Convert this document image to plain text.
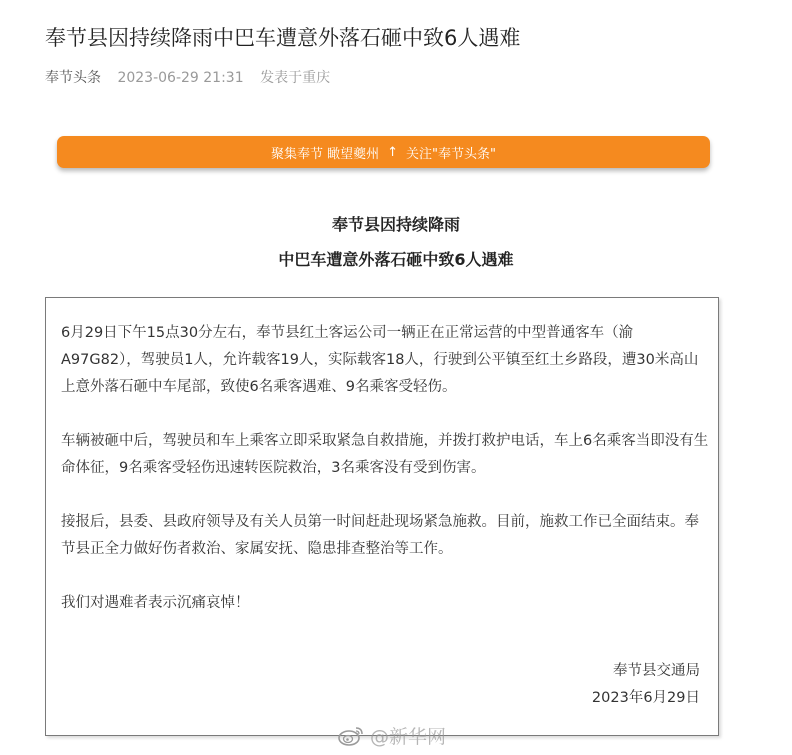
奉节县因持续降雨中巴车遭意外落石砸中致6人遇难
奉节头条 2023-06-29 21:31 发表于重庆
聚集奉节 瞰望夔州 ↑ 关注"奉节头条"
奉节县因持续降雨
中巴车遭意外落石砸中致6人遇难

6月29日下午15点30分左右，奉节县红土客运公司一辆正在正常运营的中型普通客车（渝 A97G82），驾驶员1人，允许载客19人，实际载客18人，行驶到公平镇至红土乡路段，遭30米高山上意外落石砸中车尾部，致使6名乘客遇难、9名乘客受轻伤。

车辆被砸中后，驾驶员和车上乘客立即采取紧急自救措施，并拨打救护电话，车上6名乘客当即没有生命体征，9名乘客受轻伤迅速转医院救治，3名乘客没有受到伤害。

接报后，县委、县政府领导及有关人员第一时间赶赴现场紧急施救。目前，施救工作已全面结束。奉节县正全力做好伤者救治、家属安抚、隐患排查整治等工作。

我们对遇难者表示沉痛哀悼！

奉节县交通局
2023年6月29日
@新华网
